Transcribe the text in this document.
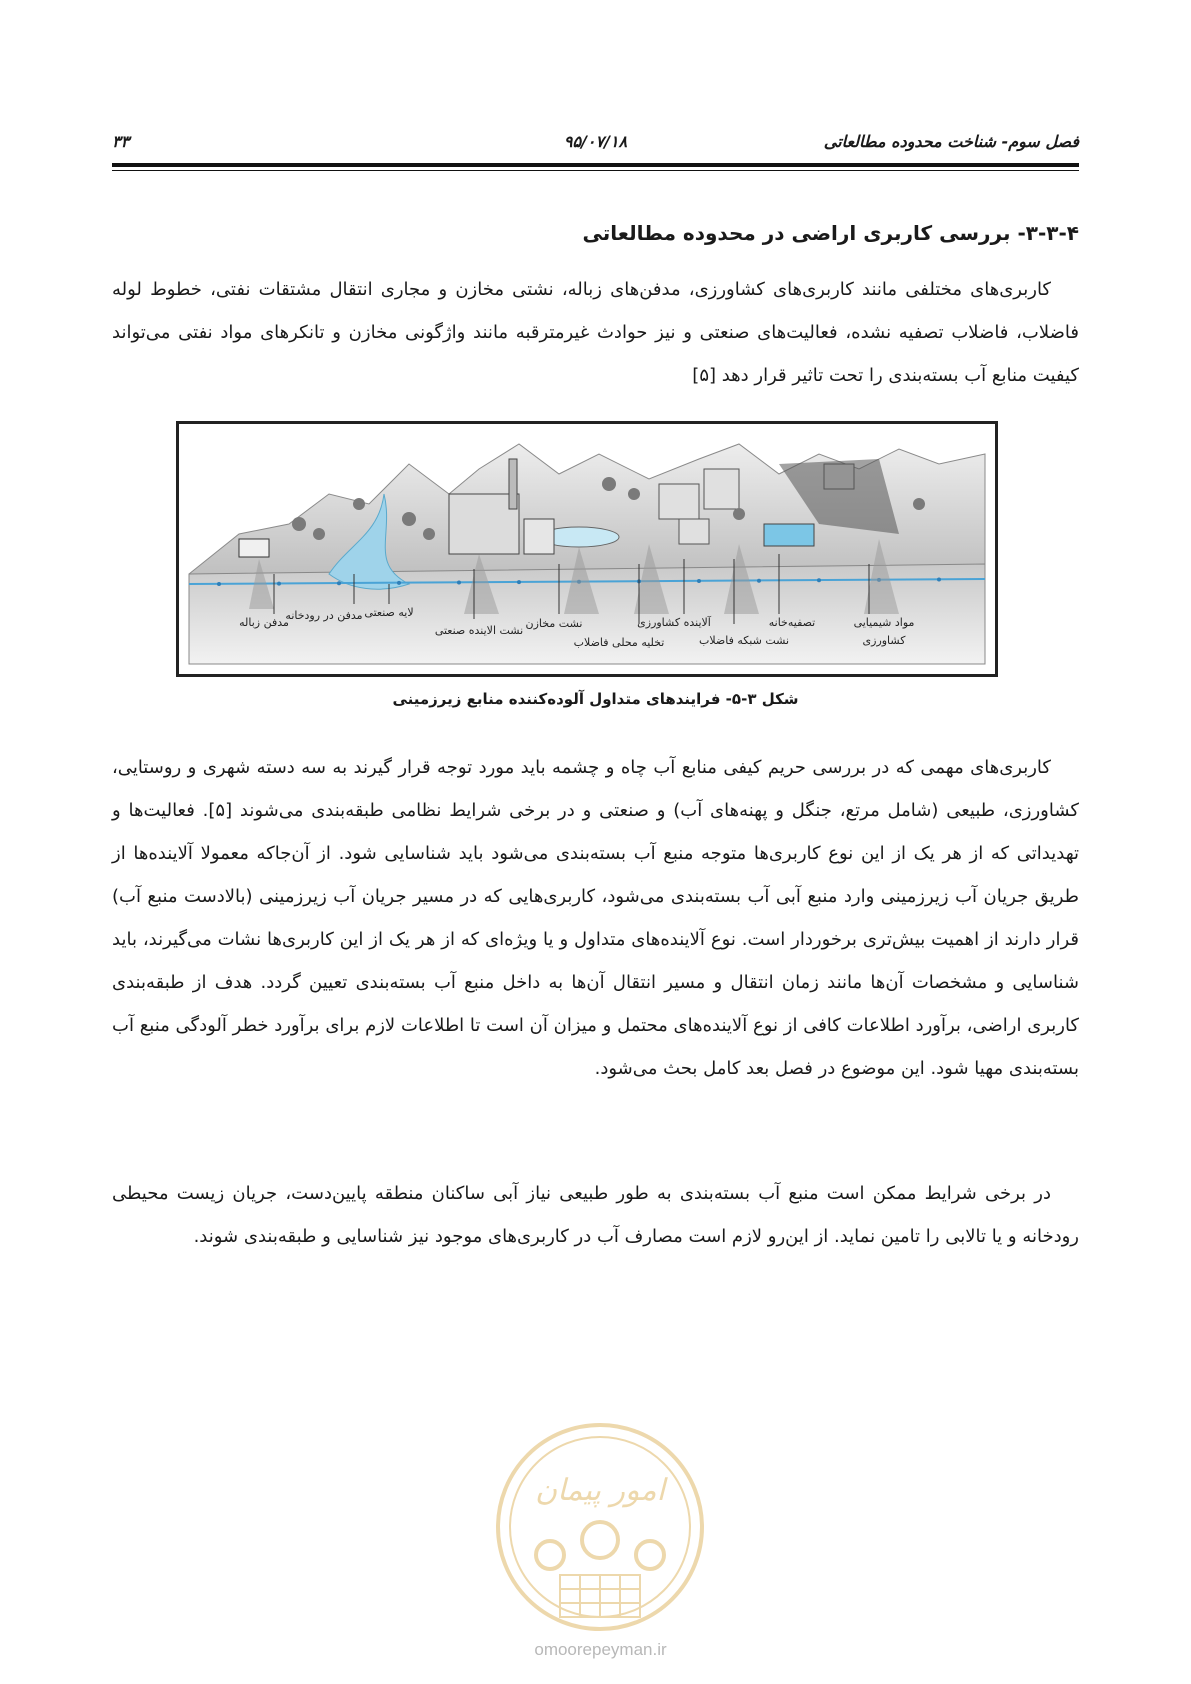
فصل سوم- شناخت محدوده مطالعاتی
۹۵/۰۷/۱۸
۳۳
۳-۳-۴- بررسی کاربری اراضی در محدوده مطالعاتی
کاربری‌های مختلفی مانند کاربری‌های کشاورزی، مدفن‌های زباله، نشتی مخازن و مجاری انتقال مشتقات نفتی، خطوط لوله فاضلاب، فاضلاب تصفیه نشده، فعالیت‌های صنعتی و نیز حوادث غیرمترقبه مانند واژگونی مخازن و تانکرهای مواد نفتی می‌تواند کیفیت منابع آب بسته‌بندی را تحت تاثیر قرار دهد [۵]
مدفن زباله
مدفن در رودخانه لایه صنعتی
نشت الاینده صنعتی
نشت مخازن
تخلیه محلی فاضلاب
آلاینده کشاورزی
نشت شبکه فاضلاب
تصفیه‌خانه	مواد شیمیایی
کشاورزی
شکل ۳-۵- فرایندهای متداول آلوده‌کننده منابع زیرزمینی
کاربری‌های مهمی که در بررسی حریم کیفی منابع آب چاه و چشمه باید مورد توجه قرار گیرند به سه دسته شهری و روستایی، کشاورزی، طبیعی (شامل مرتع، جنگل و پهنه‌های آب) و صنعتی و در برخی شرایط نظامی طبقه‌بندی می‌شوند [۵]. فعالیت‌ها و تهدیداتی که از هر یک از این نوع کاربری‌ها متوجه منبع آب بسته‌بندی می‌شود باید شناسایی شود. از آن‌جاکه معمولا آلاینده‌ها از طریق جریان آب زیرزمینی وارد منبع آبی آب بسته‌بندی می‌شود، کاربری‌هایی که در مسیر جریان آب زیرزمینی (بالادست منبع آب) قرار دارند از اهمیت بیش‌تری برخوردار است. نوع آلاینده‌های متداول و یا ویژه‌ای که از هر یک از این کاربری‌ها نشات می‌گیرند، باید شناسایی و مشخصات آن‌ها مانند زمان انتقال و مسیر انتقال آن‌ها به داخل منبع آب بسته‌بندی تعیین گردد. هدف از طبقه‌بندی کاربری اراضی، برآورد اطلاعات کافی از نوع آلاینده‌های محتمل و میزان آن است تا اطلاعات لازم برای برآورد خطر آلودگی منبع آب بسته‌بندی مهیا شود. این موضوع در فصل بعد کامل بحث می‌شود.
در برخی شرایط ممکن است منبع آب بسته‌بندی به طور طبیعی نیاز آبی ساکنان منطقه پایین‌دست، جریان زیست محیطی رودخانه و یا تالابی را تامین نماید. از این‌رو لازم است مصارف آب در کاربری‌های موجود نیز شناسایی و طبقه‌بندی شوند.
امور پیمان
omoorepeyman.ir
